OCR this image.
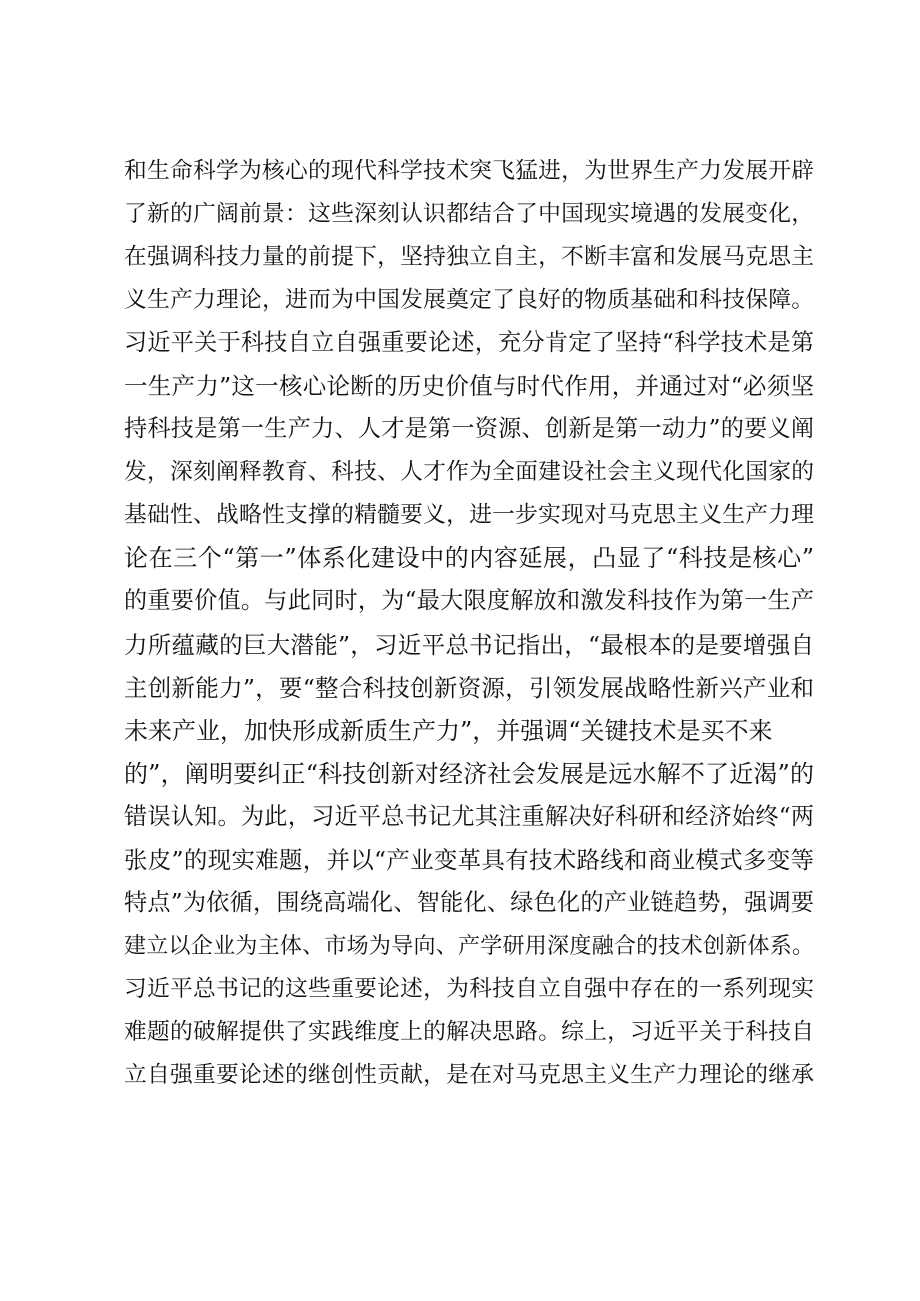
和生命科学为核心的现代科学技术突飞猛进，为世界生产力发展开辟
了新的广阔前景：这些深刻认识都结合了中国现实境遇的发展变化，
在强调科技力量的前提下，坚持独立自主，不断丰富和发展马克思主
义生产力理论，进而为中国发展奠定了良好的物质基础和科技保障。
习近平关于科技自立自强重要论述，充分肯定了坚持“科学技术是第
一生产力”这一核心论断的历史价值与时代作用，并通过对“必须坚
持科技是第一生产力、人才是第一资源、创新是第一动力”的要义阐
发，深刻阐释教育、科技、人才作为全面建设社会主义现代化国家的
基础性、战略性支撑的精髓要义，进一步实现对马克思主义生产力理
论在三个“第一”体系化建设中的内容延展，凸显了“科技是核心”
的重要价值。与此同时，为“最大限度解放和激发科技作为第一生产
力所蕴藏的巨大潜能”，习近平总书记指出，“最根本的是要增强自
主创新能力”，要“整合科技创新资源，引领发展战略性新兴产业和
未来产业，加快形成新质生产力”，并强调“关键技术是买不来
的”，阐明要纠正“科技创新对经济社会发展是远水解不了近渴”的
错误认知。为此，习近平总书记尤其注重解决好科研和经济始终“两
张皮”的现实难题，并以“产业变革具有技术路线和商业模式多变等
特点”为依循，围绕高端化、智能化、绿色化的产业链趋势，强调要
建立以企业为主体、市场为导向、产学研用深度融合的技术创新体系。
习近平总书记的这些重要论述，为科技自立自强中存在的一系列现实
难题的破解提供了实践维度上的解决思路。综上，习近平关于科技自
立自强重要论述的继创性贡献，是在对马克思主义生产力理论的继承
